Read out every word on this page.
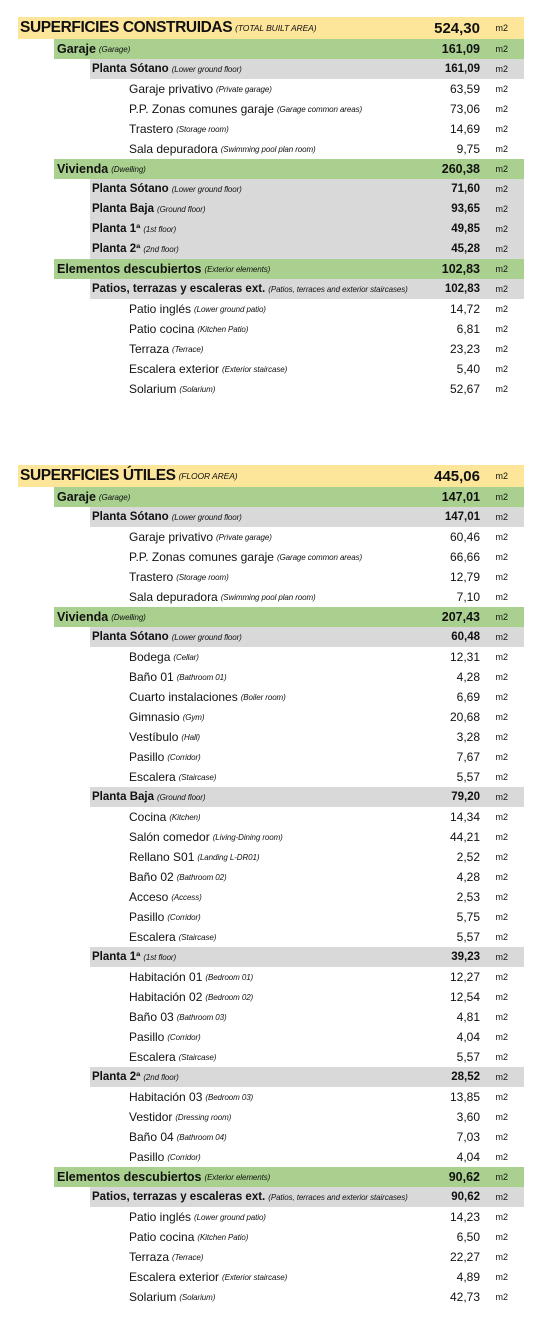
SUPERFICIES CONSTRUIDAS (TOTAL BUILT AREA)	524,30 m2
Garaje (Garage)	161,09 m2
Planta Sótano (Lower ground floor)	161,09 m2
Garaje privativo (Private garage)	63,59 m2
P.P. Zonas comunes garaje (Garage common areas)	73,06 m2
Trastero (Storage room)	14,69 m2
Sala depuradora (Swimming pool plan room)	9,75 m2
Vivienda (Dwelling)	260,38 m2
Planta Sótano (Lower ground floor)	71,60 m2
Planta Baja (Ground floor)	93,65 m2
Planta 1ª (1st floor)	49,85 m2
Planta 2ª (2nd floor)	45,28 m2
Elementos descubiertos (Exterior elements)	102,83 m2
Patios, terrazas y escaleras ext. (Patios, terraces and exterior staircases)	102,83 m2
Patio inglés (Lower ground patio)	14,72 m2
Patio cocina (Kitchen Patio)	6,81 m2
Terraza (Terrace)	23,23 m2
Escalera exterior (Exterior staircase)	5,40 m2
Solarium (Solarium)	52,67 m2
SUPERFICIES ÚTILES (FLOOR AREA)	445,06 m2
Garaje (Garage)	147,01 m2
Planta Sótano (Lower ground floor)	147,01 m2
Garaje privativo (Private garage)	60,46 m2
P.P. Zonas comunes garaje (Garage common areas)	66,66 m2
Trastero (Storage room)	12,79 m2
Sala depuradora (Swimming pool plan room)	7,10 m2
Vivienda (Dwelling)	207,43 m2
Planta Sótano (Lower ground floor)	60,48 m2
Bodega (Cellar)	12,31 m2
Baño 01 (Bathroom 01)	4,28 m2
Cuarto instalaciones (Boiler room)	6,69 m2
Gimnasio (Gym)	20,68 m2
Vestíbulo (Hall)	3,28 m2
Pasillo (Corridor)	7,67 m2
Escalera (Staircase)	5,57 m2
Planta Baja (Ground floor)	79,20 m2
Cocina (Kitchen)	14,34 m2
Salón comedor (Living-Dining room)	44,21 m2
Rellano S01 (Landing L-DR01)	2,52 m2
Baño 02 (Bathroom 02)	4,28 m2
Acceso (Access)	2,53 m2
Pasillo (Corridor)	5,75 m2
Escalera (Staircase)	5,57 m2
Planta 1ª (1st floor)	39,23 m2
Habitación 01 (Bedroom 01)	12,27 m2
Habitación 02 (Bedroom 02)	12,54 m2
Baño 03 (Bathroom 03)	4,81 m2
Pasillo (Corridor)	4,04 m2
Escalera (Staircase)	5,57 m2
Planta 2ª (2nd floor)	28,52 m2
Habitación 03 (Bedroom 03)	13,85 m2
Vestidor (Dressing room)	3,60 m2
Baño 04 (Bathroom 04)	7,03 m2
Pasillo (Corridor)	4,04 m2
Elementos descubiertos (Exterior elements)	90,62 m2
Patios, terrazas y escaleras ext. (Patios, terraces and exterior staircases)	90,62 m2
Patio inglés (Lower ground patio)	14,23 m2
Patio cocina (Kitchen Patio)	6,50 m2
Terraza (Terrace)	22,27 m2
Escalera exterior (Exterior staircase)	4,89 m2
Solarium (Solarium)	42,73 m2
